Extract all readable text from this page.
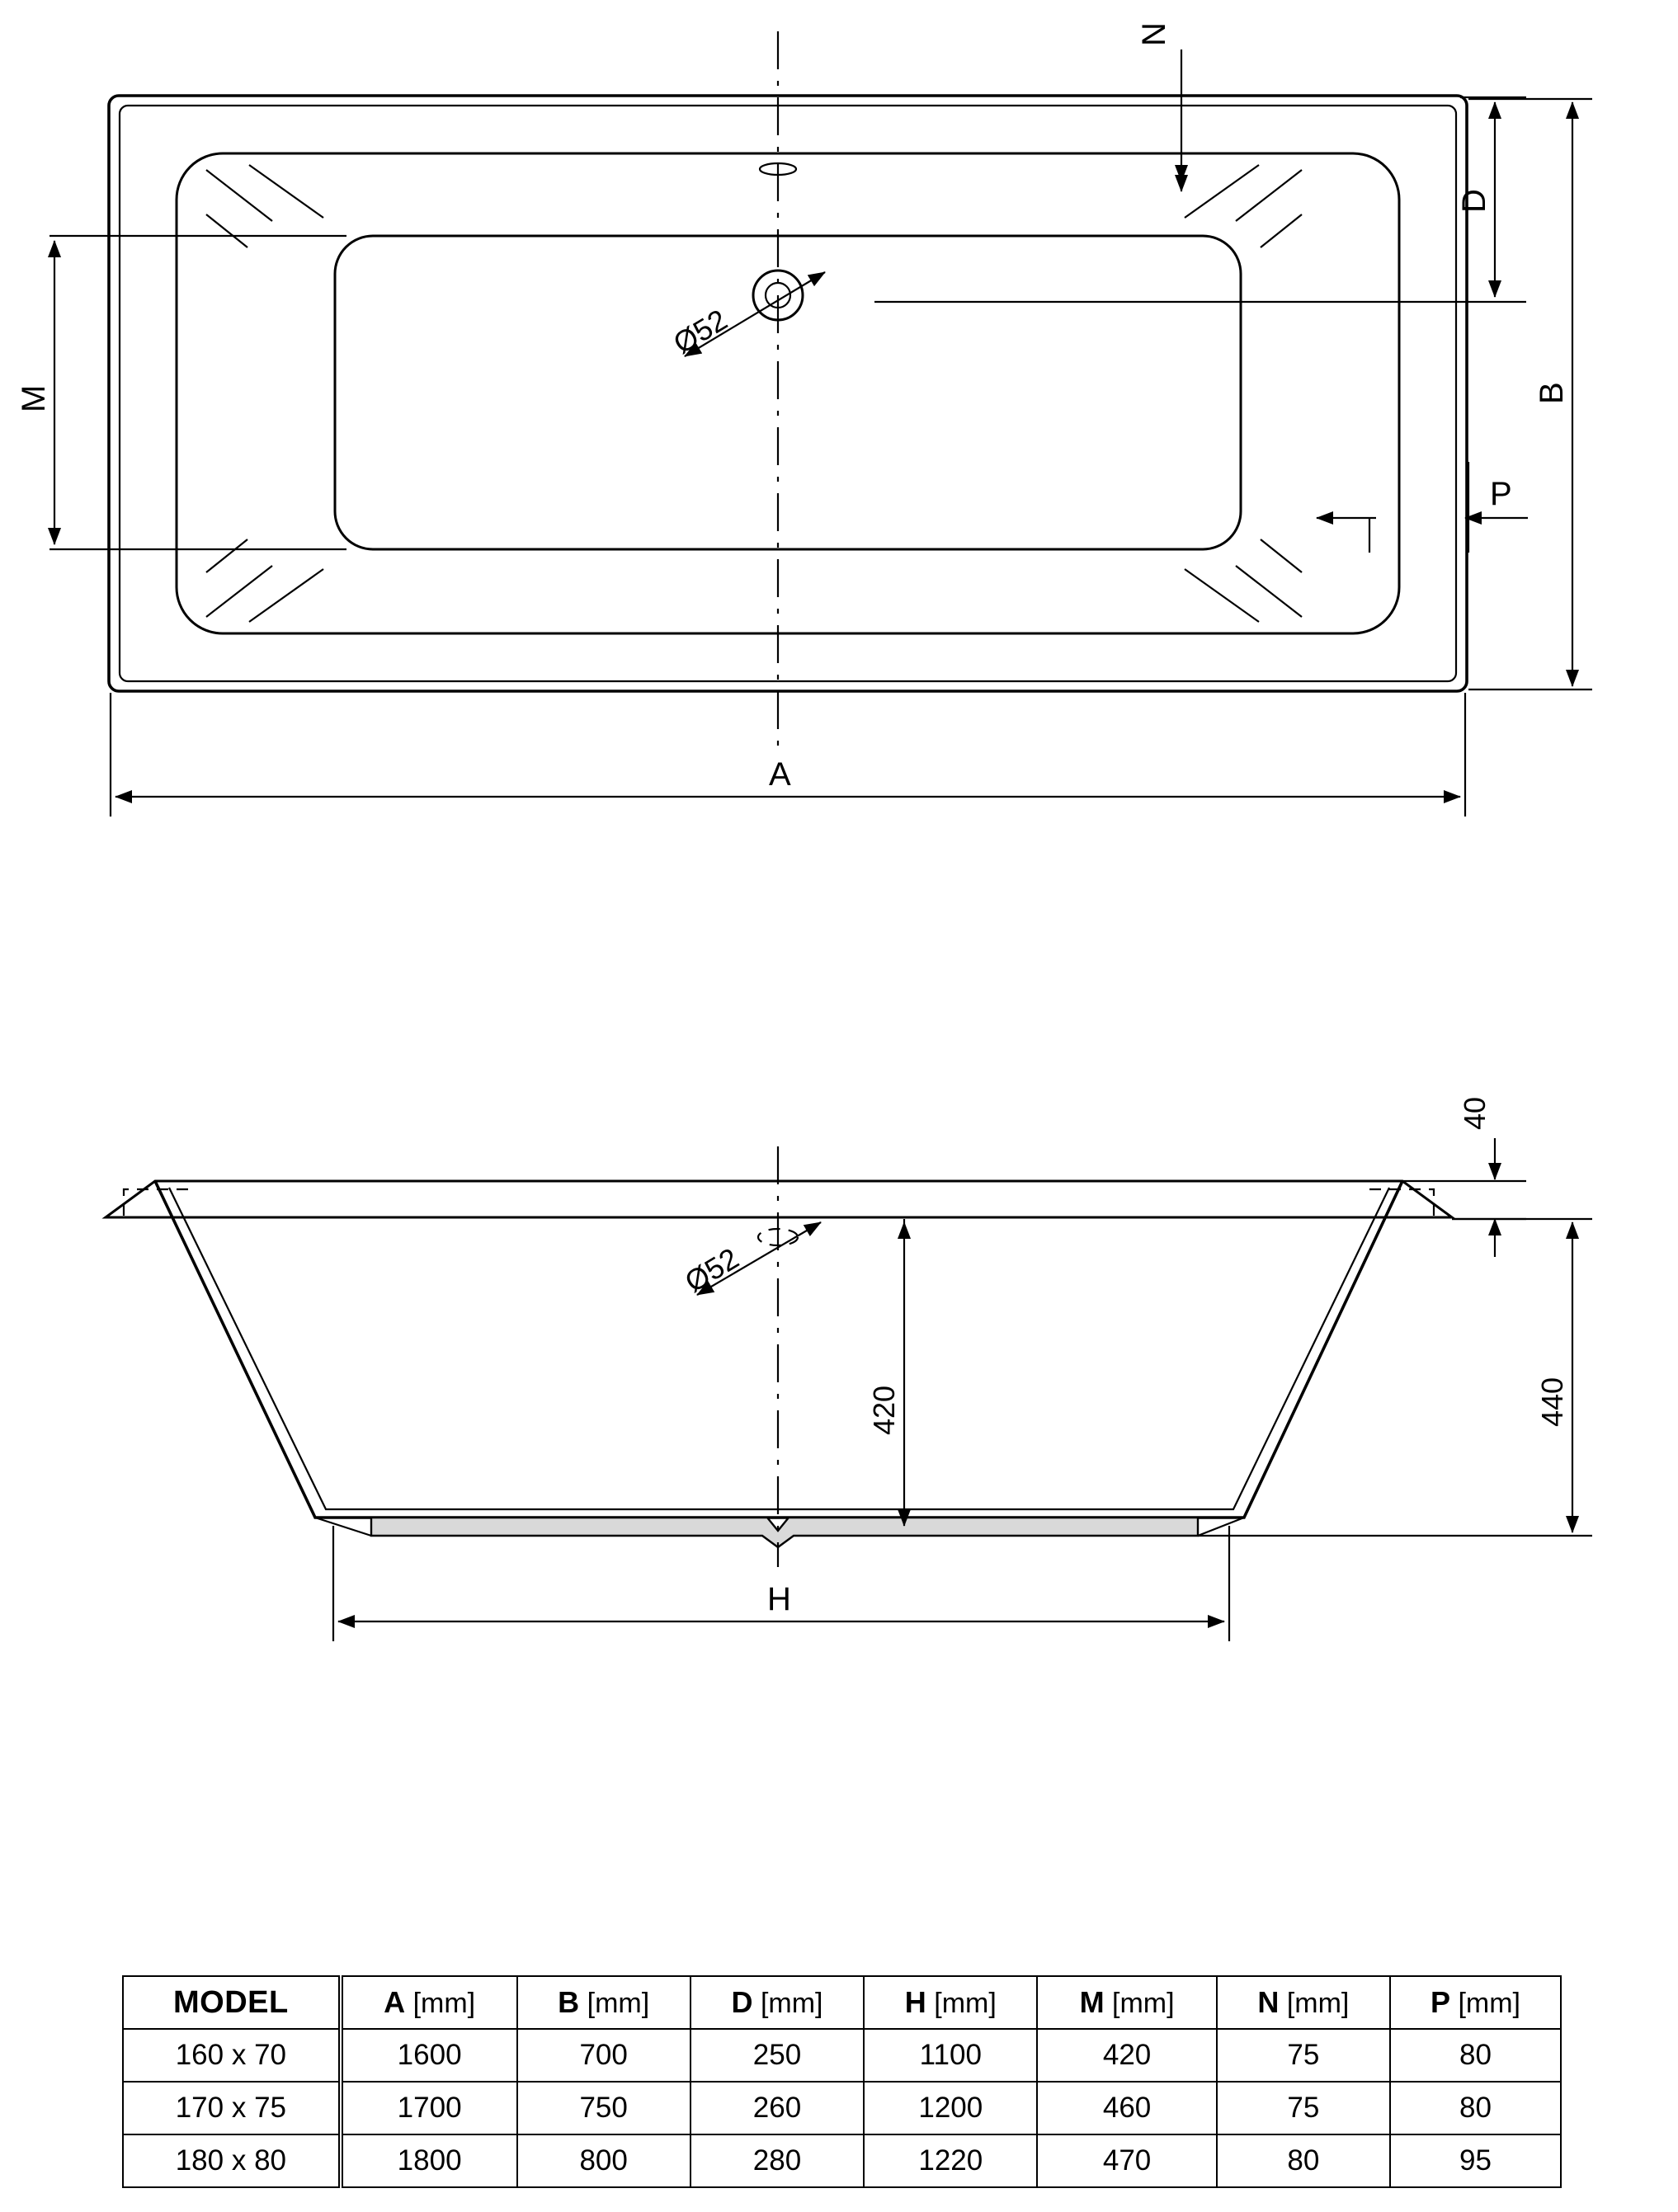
Ø52
N
D
B
M
P
A
Ø52
40
440
420
H
MODEL	A [mm]	B [mm]	D [mm]	H [mm]	M [mm]	N [mm]	P [mm]
160 x 70	1600	700	250	1100	420	75	80
170 x 75	1700	750	260	1200	460	75	80
180 x 80	1800	800	280	1220	470	80	95
